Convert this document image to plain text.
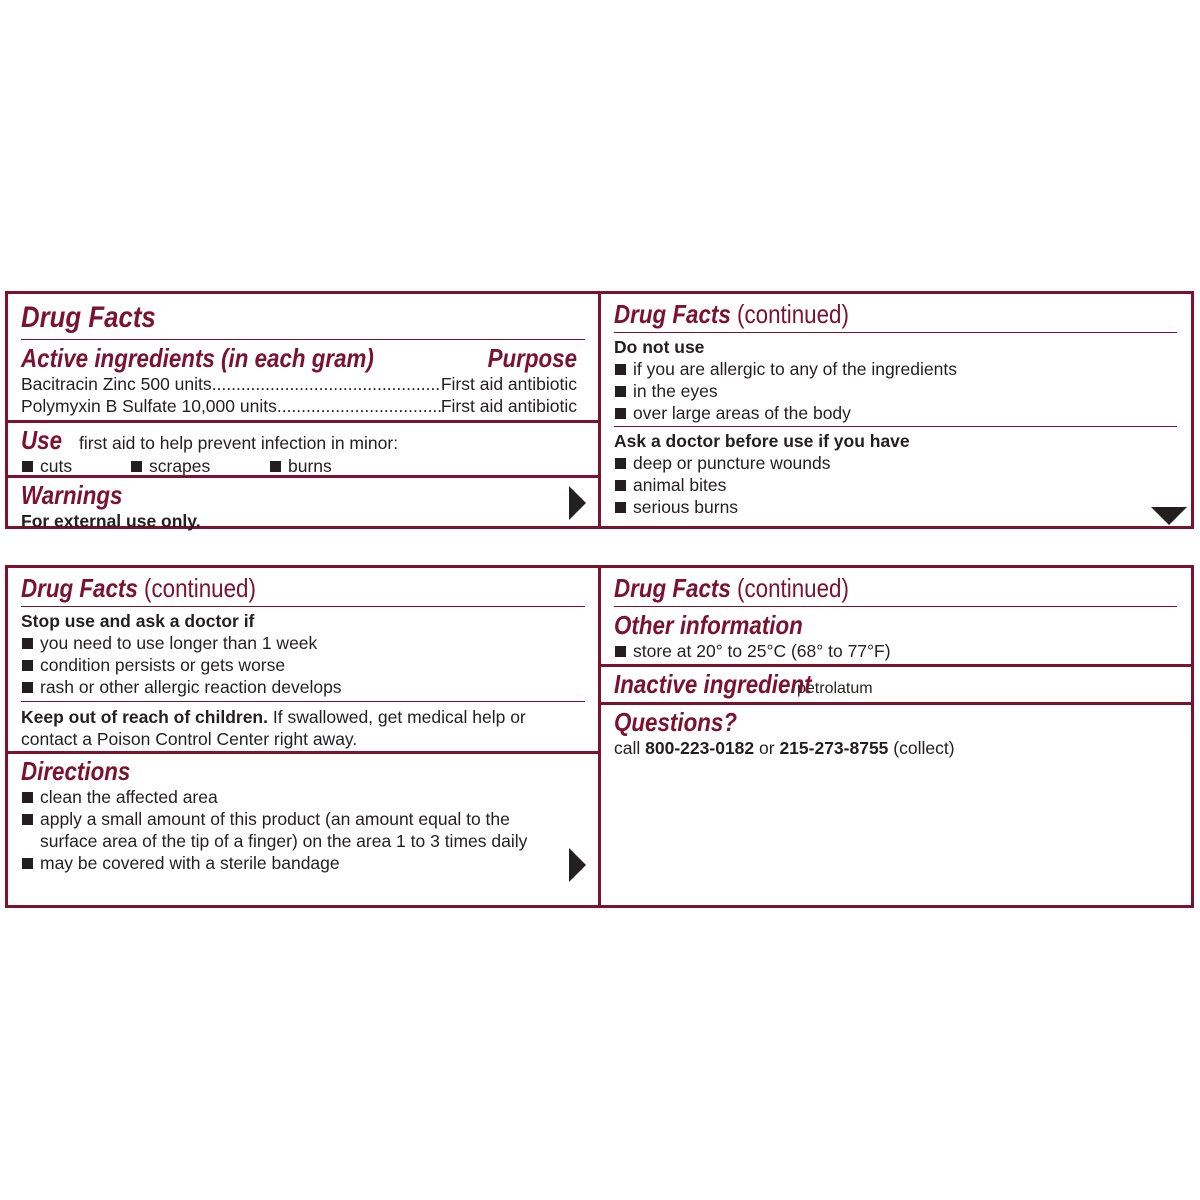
Drug Facts
Active ingredients (in each gram)	Purpose
Bacitracin Zinc 500 units .....	First aid antibiotic
Polymyxin B Sulfate 10,000 units .....	First aid antibiotic
Use first aid to help prevent infection in minor:
cuts	scrapes	burns
Warnings
For external use only.
Drug Facts (continued)
Do not use
if you are allergic to any of the ingredients
in the eyes
over large areas of the body
Ask a doctor before use if you have
deep or puncture wounds
animal bites
serious burns
Drug Facts (continued)
Stop use and ask a doctor if
you need to use longer than 1 week
condition persists or gets worse
rash or other allergic reaction develops
Keep out of reach of children. If swallowed, get medical help or
contact a Poison Control Center right away.
Directions
clean the affected area
apply a small amount of this product (an amount equal to the
surface area of the tip of a finger) on the area 1 to 3 times daily
may be covered with a sterile bandage
Drug Facts (continued)
Other information
store at 20° to 25°C (68° to 77°F)
Inactive ingredient
petrolatum
Questions?
call 800-223-0182 or 215-273-8755 (collect)
